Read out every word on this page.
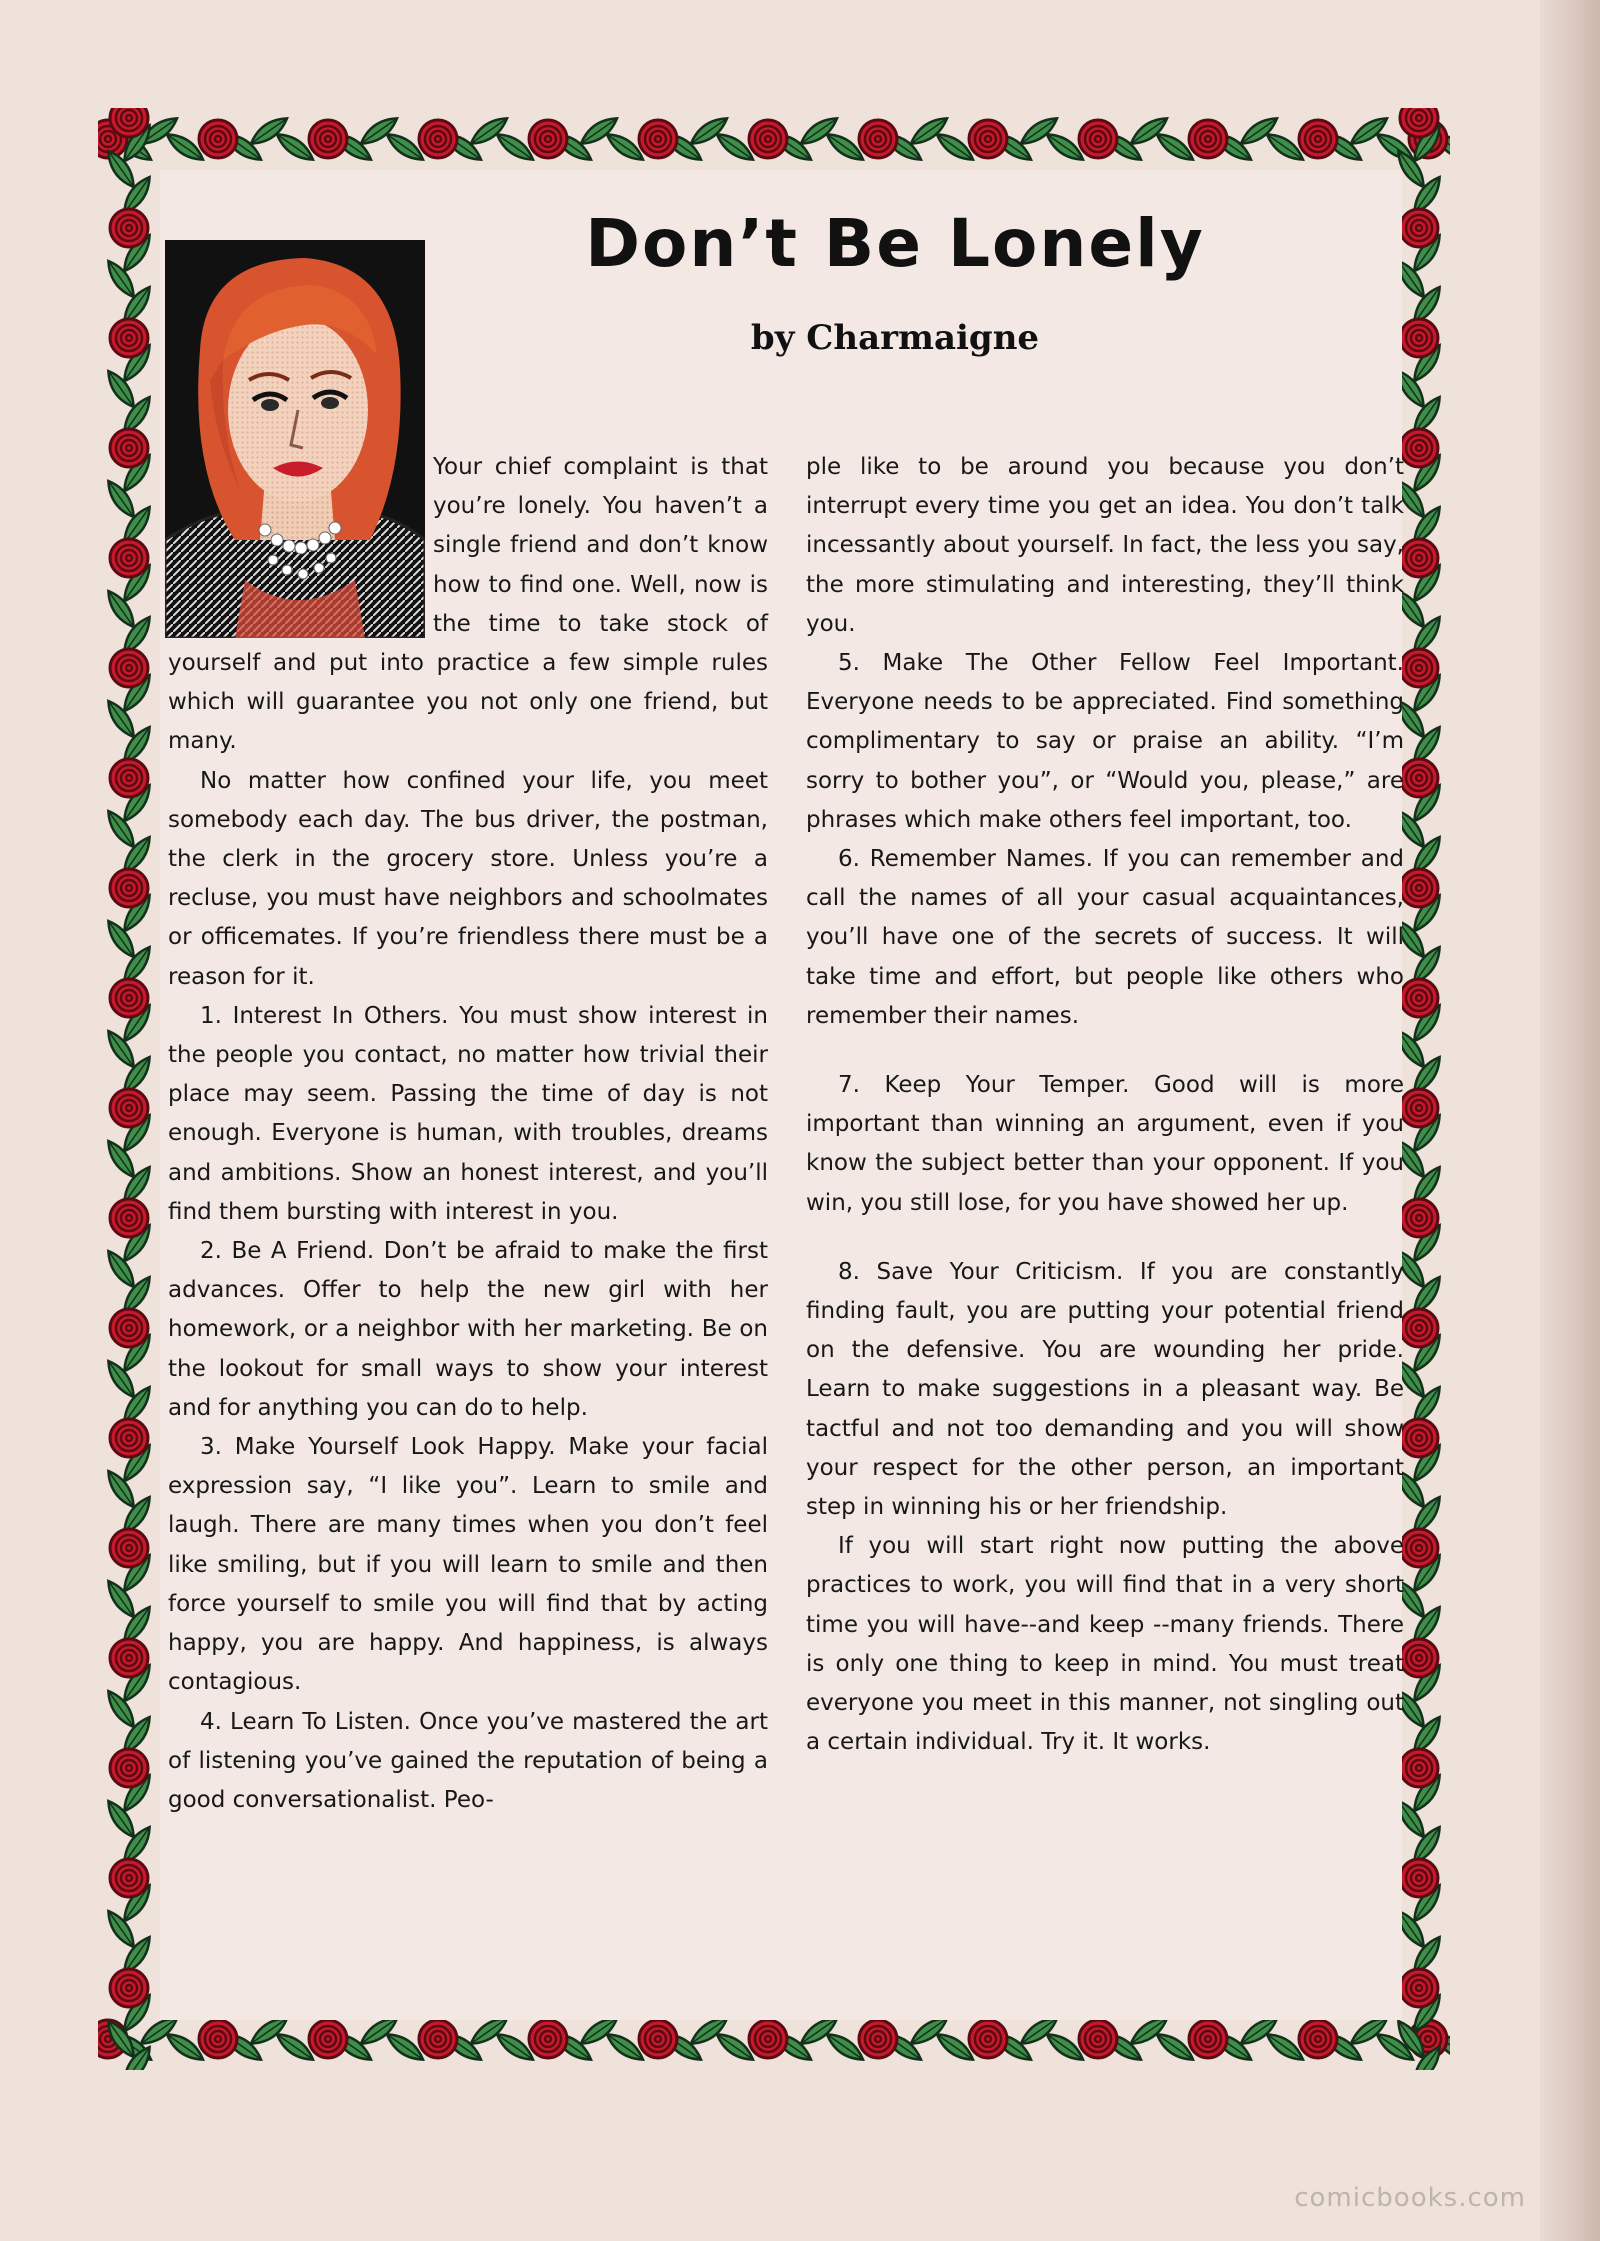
Don’t Be Lonely

by Charmaigne

Your chief complaint is that you’re lonely. You haven’t a single friend and don’t know how to find one. Well, now is the time to take stock of yourself and put into practice a few simple rules which will guarantee you not only one friend, but many.

No matter how confined your life, you meet somebody each day. The bus driver, the postman, the clerk in the grocery store. Unless you’re a recluse, you must have neighbors and schoolmates or officemates. If you’re friendless there must be a reason for it.

1. Interest In Others. You must show interest in the people you contact, no matter how trivial their place may seem. Passing the time of day is not enough. Everyone is human, with troubles, dreams and ambitions. Show an honest interest, and you’ll find them bursting with interest in you.

2. Be A Friend. Don’t be afraid to make the first advances. Offer to help the new girl with her homework, or a neighbor with her marketing. Be on the lookout for small ways to show your interest and for anything you can do to help.

3. Make Yourself Look Happy. Make your facial expression say, “I like you”. Learn to smile and laugh. There are many times when you don’t feel like smiling, but if you will learn to smile and then force yourself to smile you will find that by acting happy, you are happy. And happiness, is always contagious.

4. Learn To Listen. Once you’ve mastered the art of listening you’ve gained the reputation of being a good conversationalist. Peo-

ple like to be around you because you don’t interrupt every time you get an idea. You don’t talk incessantly about yourself. In fact, the less you say, the more stimulating and interesting, they’ll think you.

5. Make The Other Fellow Feel Important. Everyone needs to be appreciated. Find something complimentary to say or praise an ability. “I’m sorry to bother you”, or “Would you, please,” are phrases which make others feel important, too.

6. Remember Names. If you can remember and call the names of all your casual acquaintances, you’ll have one of the secrets of success. It will take time and effort, but people like others who remember their names.

7. Keep Your Temper. Good will is more important than winning an argument, even if you know the subject better than your opponent. If you win, you still lose, for you have showed her up.

8. Save Your Criticism. If you are constantly finding fault, you are putting your potential friend on the defensive. You are wounding her pride. Learn to make suggestions in a pleasant way. Be tactful and not too demanding and you will show your respect for the other person, an important step in winning his or her friendship.

If you will start right now putting the above practices to work, you will find that in a very short time you will have--and keep --many friends. There is only one thing to keep in mind. You must treat everyone you meet in this manner, not singling out a certain individual. Try it. It works.

comicbooks.com
